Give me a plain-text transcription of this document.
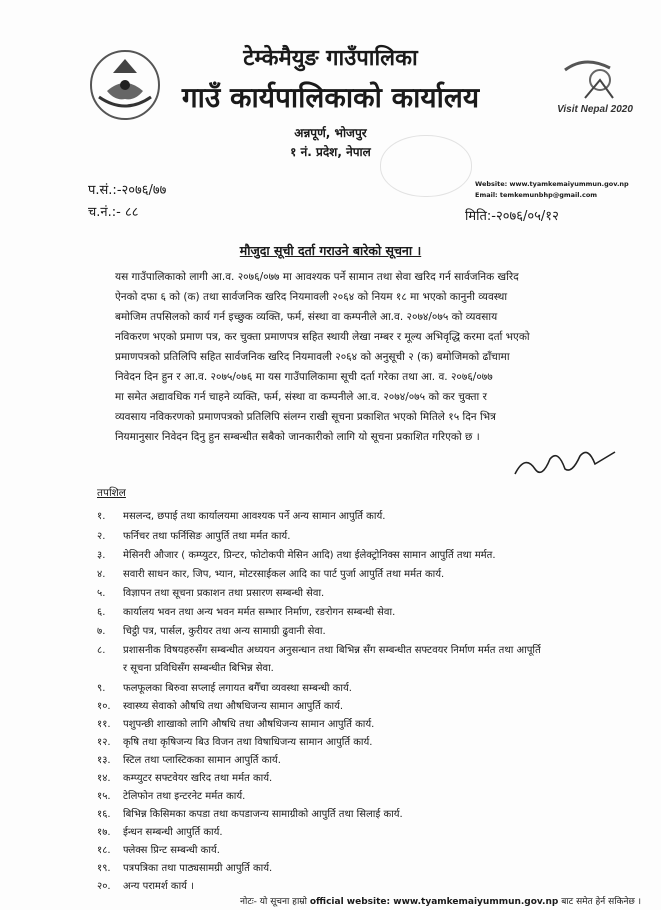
टेम्केमैयुङ गाउँपालिका
गाउँ कार्यपालिकाको कार्यालय	Visit Nepal 2020
अन्नपूर्ण, भोजपुर
१ नं. प्रदेश, नेपाल
प.सं.:-२०७६/७७
च.नं.:- ८८
Website: www.tyamkemaiyummun.gov.np
Email: temkemunbhp@gmail.com
मिति:-२०७६/०५/१२
मौजुदा सूची दर्ता गराउने बारेको सूचना ।
यस गाउँपालिकाको लागी आ.व. २०७६/०७७ मा आवश्यक पर्ने सामान तथा सेवा खरिद गर्न सार्वजनिक खरिद
ऐनको दफा ६ को (क) तथा सार्वजनिक खरिद नियमावली २०६४ को नियम १८ मा भएको कानुनी व्यवस्था
बमोजिम तपसिलको कार्य गर्न इच्छुक व्यक्ति, फर्म, संस्था वा कम्पनीले आ.व. २०७४/०७५ को व्यवसाय
नविकरण भएको प्रमाण पत्र, कर चुक्ता प्रमाणपत्र सहित स्थायी लेखा नम्बर र मूल्य अभिवृद्धि करमा दर्ता भएको
प्रमाणपत्रको प्रतिलिपि सहित सार्वजनिक खरिद नियमावली २०६४ को अनुसूची २ (क) बमोजिमको ढाँचामा
निवेदन दिन हुन र आ.व. २०७५/०७६ मा यस गाउँपालिकामा सूची दर्ता गरेका तथा आ. व. २०७६/०७७
मा समेत अद्यावधिक गर्न चाहने व्यक्ति, फर्म, संस्था वा कम्पनीले आ.व. २०७४/०७५ को कर चुक्ता र
व्यवसाय नविकरणको प्रमाणपत्रको प्रतिलिपि संलग्न राखी सूचना प्रकाशित भएको मितिले १५ दिन भित्र
नियमानुसार निवेदन दिनु हुन सम्बन्धीत सबैको जानकारीको लागि यो सूचना प्रकाशित गरिएको छ ।
तपशिल
१. मसलन्द, छपाई तथा कार्यालयमा आवश्यक पर्ने अन्य सामान आपुर्ति कार्य.
२. फर्निचर तथा फर्निसिङ आपुर्ति तथा मर्मत कार्य.
३. मेसिनरी औजार ( कम्प्युटर, प्रिन्टर, फोटोकपी मेसिन आदि) तथा ईलेक्ट्रोनिक्स सामान आपुर्ति तथा मर्मत.
४. सवारी साधन कार, जिप, भ्यान, मोटरसाईकल आदि का पार्ट पुर्जा आपुर्ति तथा मर्मत कार्य.
५. विज्ञापन तथा सूचना प्रकाशन तथा प्रसारण सम्बन्धी सेवा.
६. कार्यालय भवन तथा अन्य भवन मर्मत सम्भार निर्माण, रङरोगन सम्बन्धी सेवा.
७. चिट्ठी पत्र, पार्सल, कुरीयर तथा अन्य सामाग्री ढुवानी सेवा.
८. प्रशासनीक विषयहरुसँग सम्बन्धीत अध्ययन अनुसन्धान तथा बिभिन्न सँग सम्बन्धीत सफ्टवयर निर्माण मर्मत तथा आपूर्ति
र सूचना प्रविधिसँग सम्बन्धीत बिभिन्न सेवा.
९. फलफूलका बिरुवा सप्लाई लगायत बगैँचा व्यवस्था सम्बन्धी कार्य.
१०. स्वास्थ्य सेवाको औषधि तथा औषधिजन्य सामान आपुर्ति कार्य.
११. पशुपन्छी शाखाको लागि औषधि तथा औषधिजन्य सामान आपुर्ति कार्य.
१२. कृषि तथा कृषिजन्य बिउ विजन तथा विषाधिजन्य सामान आपुर्ति कार्य.
१३. स्टिल तथा प्लास्टिकका सामान आपुर्ति कार्य.
१४. कम्प्युटर सफ्टवेयर खरिद तथा मर्मत कार्य.
१५. टेलिफोन तथा इन्टरनेट मर्मत कार्य.
१६. बिभिन्न किसिमका कपडा तथा कपडाजन्य सामाग्रीको आपुर्ति तथा सिलाई कार्य.
१७. ईन्धन सम्बन्धी आपुर्ति कार्य.
१८. फ्लेक्स प्रिन्ट सम्बन्धी कार्य.
१९. पत्रपत्रिका तथा पाठ्यसामग्री आपुर्ति कार्य.
२०. अन्य परामर्श कार्य ।
नोटः- यो सूचना हाम्रो official website: www.tyamkemaiyummun.gov.np बाट समेत हेर्न सकिनेछ ।
